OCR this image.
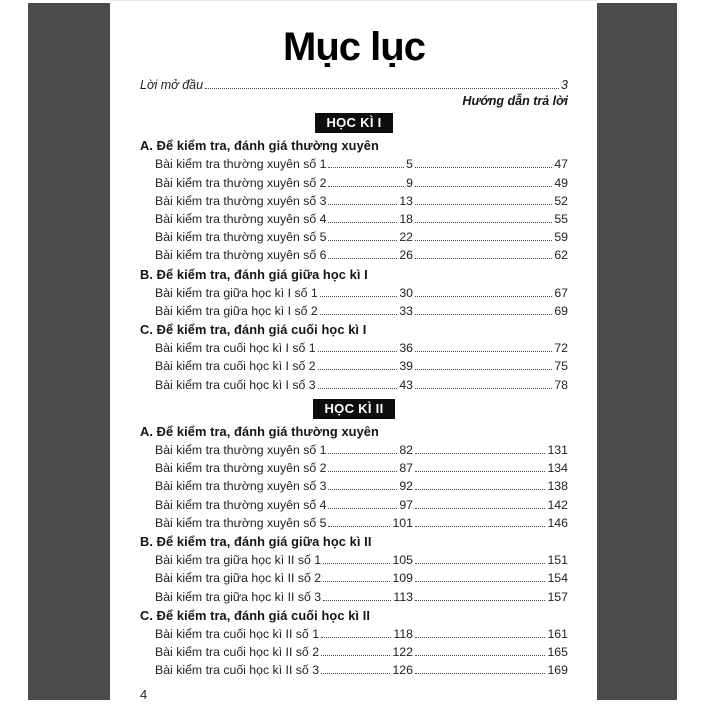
Mục lục
Lời mở đầu	3
Hướng dẫn trả lời
HỌC KÌ I
A. Để kiểm tra, đánh giá thường xuyên
Bài kiểm tra thường xuyên số 1	5	47
Bài kiểm tra thường xuyên số 2	9	49
Bài kiểm tra thường xuyên số 3	13	52
Bài kiểm tra thường xuyên số 4	18	55
Bài kiểm tra thường xuyên số 5	22	59
Bài kiểm tra thường xuyên số 6	26	62
B. Để kiểm tra, đánh giá giữa học kì I
Bài kiểm tra giữa học kì I số 1	30	67
Bài kiểm tra giữa học kì I số 2	33	69
C. Để kiểm tra, đánh giá cuối học kì I
Bài kiểm tra cuối học kì I số 1	36	72
Bài kiểm tra cuối học kì I số 2	39	75
Bài kiểm tra cuối học kì I số 3	43	78
HỌC KÌ II
A. Để kiểm tra, đánh giá thường xuyên
Bài kiểm tra thường xuyên số 1	82	131
Bài kiểm tra thường xuyên số 2	87	134
Bài kiểm tra thường xuyên số 3	92	138
Bài kiểm tra thường xuyên số 4	97	142
Bài kiểm tra thường xuyên số 5	101	146
B. Để kiểm tra, đánh giá giữa học kì II
Bài kiểm tra giữa học kì II số 1	105	151
Bài kiểm tra giữa học kì II số 2	109	154
Bài kiểm tra giữa học kì II số 3	113	157
C. Để kiểm tra, đánh giá cuối học kì II
Bài kiểm tra cuối học kì II số 1	118	161
Bài kiểm tra cuối học kì II số 2	122	165
Bài kiểm tra cuối học kì II số 3	126	169
4
